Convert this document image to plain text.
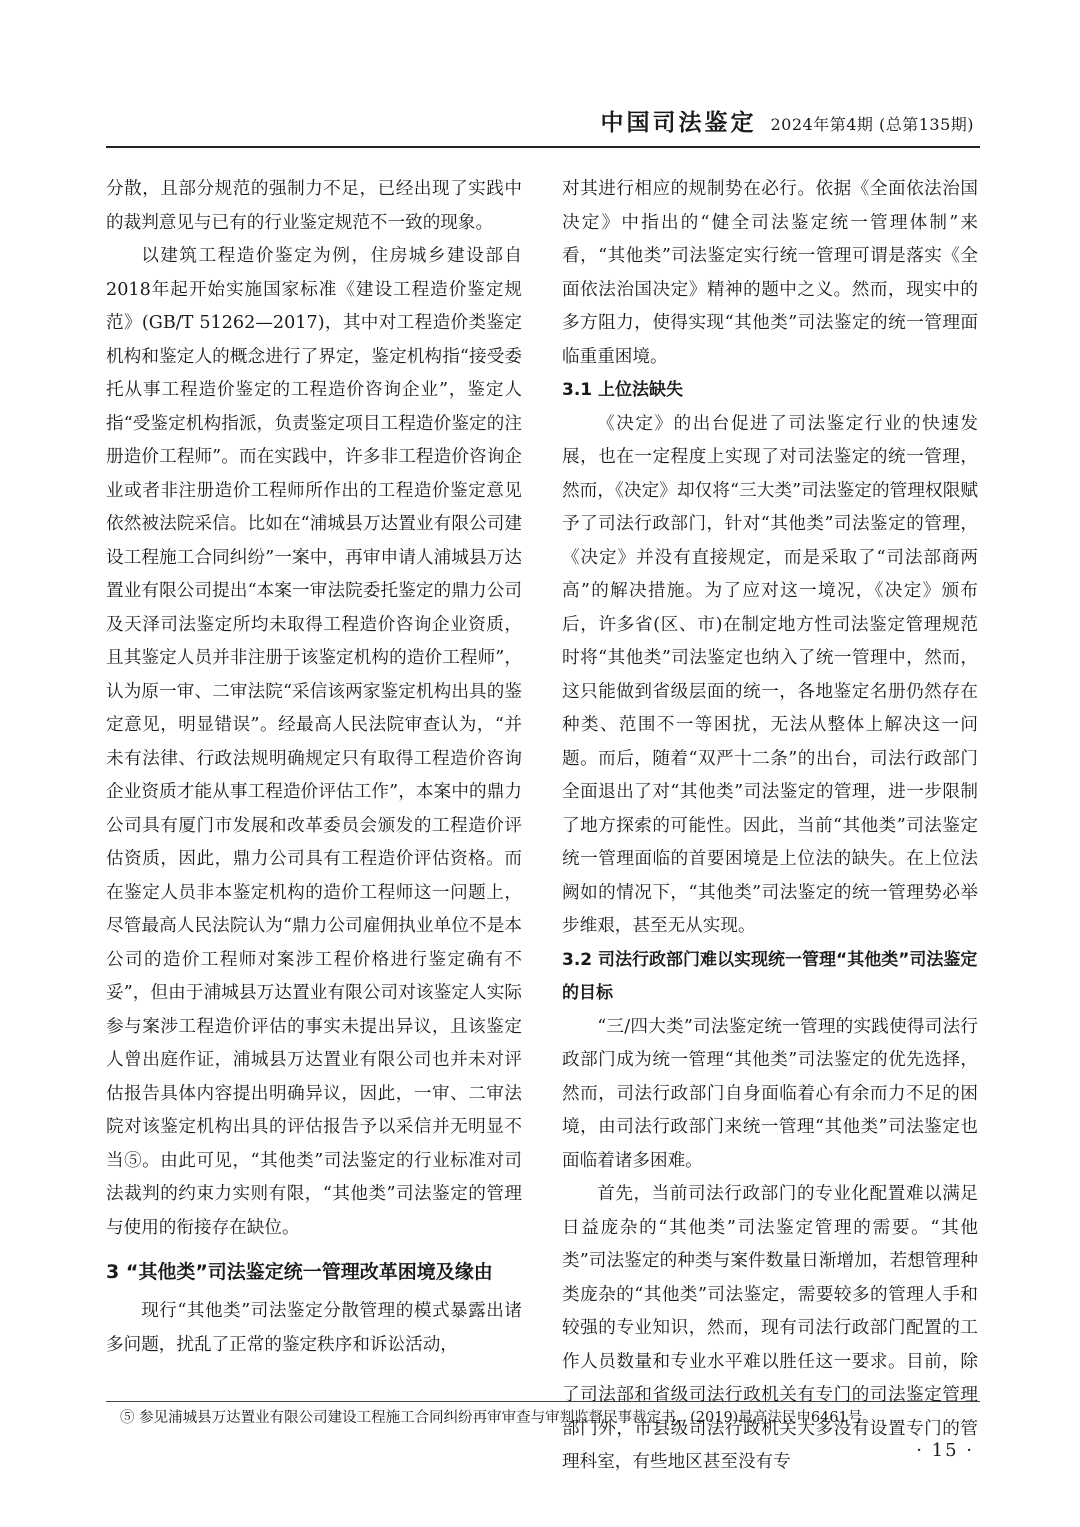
中国司法鉴定 2024年第4期 (总第135期)

分散，且部分规范的强制力不足，已经出现了实践中的裁判意见与已有的行业鉴定规范不一致的现象。

以建筑工程造价鉴定为例，住房城乡建设部自2018年起开始实施国家标准《建设工程造价鉴定规范》(GB/T 51262—2017)，其中对工程造价类鉴定机构和鉴定人的概念进行了界定，鉴定机构指“接受委托从事工程造价鉴定的工程造价咨询企业”，鉴定人指“受鉴定机构指派，负责鉴定项目工程造价鉴定的注册造价工程师”。而在实践中，许多非工程造价咨询企业或者非注册造价工程师所作出的工程造价鉴定意见依然被法院采信。比如在“浦城县万达置业有限公司建设工程施工合同纠纷”一案中，再审申请人浦城县万达置业有限公司提出“本案一审法院委托鉴定的鼎力公司及天泽司法鉴定所均未取得工程造价咨询企业资质，且其鉴定人员并非注册于该鉴定机构的造价工程师”，认为原一审、二审法院“采信该两家鉴定机构出具的鉴定意见，明显错误”。经最高人民法院审查认为，“并未有法律、行政法规明确规定只有取得工程造价咨询企业资质才能从事工程造价评估工作”，本案中的鼎力公司具有厦门市发展和改革委员会颁发的工程造价评估资质，因此，鼎力公司具有工程造价评估资格。而在鉴定人员非本鉴定机构的造价工程师这一问题上，尽管最高人民法院认为“鼎力公司雇佣执业单位不是本公司的造价工程师对案涉工程价格进行鉴定确有不妥”，但由于浦城县万达置业有限公司对该鉴定人实际参与案涉工程造价评估的事实未提出异议，且该鉴定人曾出庭作证，浦城县万达置业有限公司也并未对评估报告具体内容提出明确异议，因此，一审、二审法院对该鉴定机构出具的评估报告予以采信并无明显不当⑤。由此可见，“其他类”司法鉴定的行业标准对司法裁判的约束力实则有限，“其他类”司法鉴定的管理与使用的衔接存在缺位。

3 “其他类”司法鉴定统一管理改革困境及缘由

现行“其他类”司法鉴定分散管理的模式暴露出诸多问题，扰乱了正常的鉴定秩序和诉讼活动，

对其进行相应的规制势在必行。依据《全面依法治国决定》中指出的“健全司法鉴定统一管理体制”来看，“其他类”司法鉴定实行统一管理可谓是落实《全面依法治国决定》精神的题中之义。然而，现实中的多方阻力，使得实现“其他类”司法鉴定的统一管理面临重重困境。

3.1 上位法缺失

《决定》的出台促进了司法鉴定行业的快速发展，也在一定程度上实现了对司法鉴定的统一管理，然而，《决定》却仅将“三大类”司法鉴定的管理权限赋予了司法行政部门，针对“其他类”司法鉴定的管理，《决定》并没有直接规定，而是采取了“司法部商两高”的解决措施。为了应对这一境况，《决定》颁布后，许多省(区、市)在制定地方性司法鉴定管理规范时将“其他类”司法鉴定也纳入了统一管理中，然而，这只能做到省级层面的统一，各地鉴定名册仍然存在种类、范围不一等困扰，无法从整体上解决这一问题。而后，随着“双严十二条”的出台，司法行政部门全面退出了对“其他类”司法鉴定的管理，进一步限制了地方探索的可能性。因此，当前“其他类”司法鉴定统一管理面临的首要困境是上位法的缺失。在上位法阙如的情况下，“其他类”司法鉴定的统一管理势必举步维艰，甚至无从实现。

3.2 司法行政部门难以实现统一管理“其他类”司法鉴定的目标

“三/四大类”司法鉴定统一管理的实践使得司法行政部门成为统一管理“其他类”司法鉴定的优先选择，然而，司法行政部门自身面临着心有余而力不足的困境，由司法行政部门来统一管理“其他类”司法鉴定也面临着诸多困难。

首先，当前司法行政部门的专业化配置难以满足日益庞杂的“其他类”司法鉴定管理的需要。“其他类”司法鉴定的种类与案件数量日渐增加，若想管理种类庞杂的“其他类”司法鉴定，需要较多的管理人手和较强的专业知识，然而，现有司法行政部门配置的工作人员数量和专业水平难以胜任这一要求。目前，除了司法部和省级司法行政机关有专门的司法鉴定管理部门外，市县级司法行政机关大多没有设置专门的管理科室，有些地区甚至没有专

⑤ 参见浦城县万达置业有限公司建设工程施工合同纠纷再审审查与审判监督民事裁定书，(2019)最高法民申6461号。
· 15 ·
